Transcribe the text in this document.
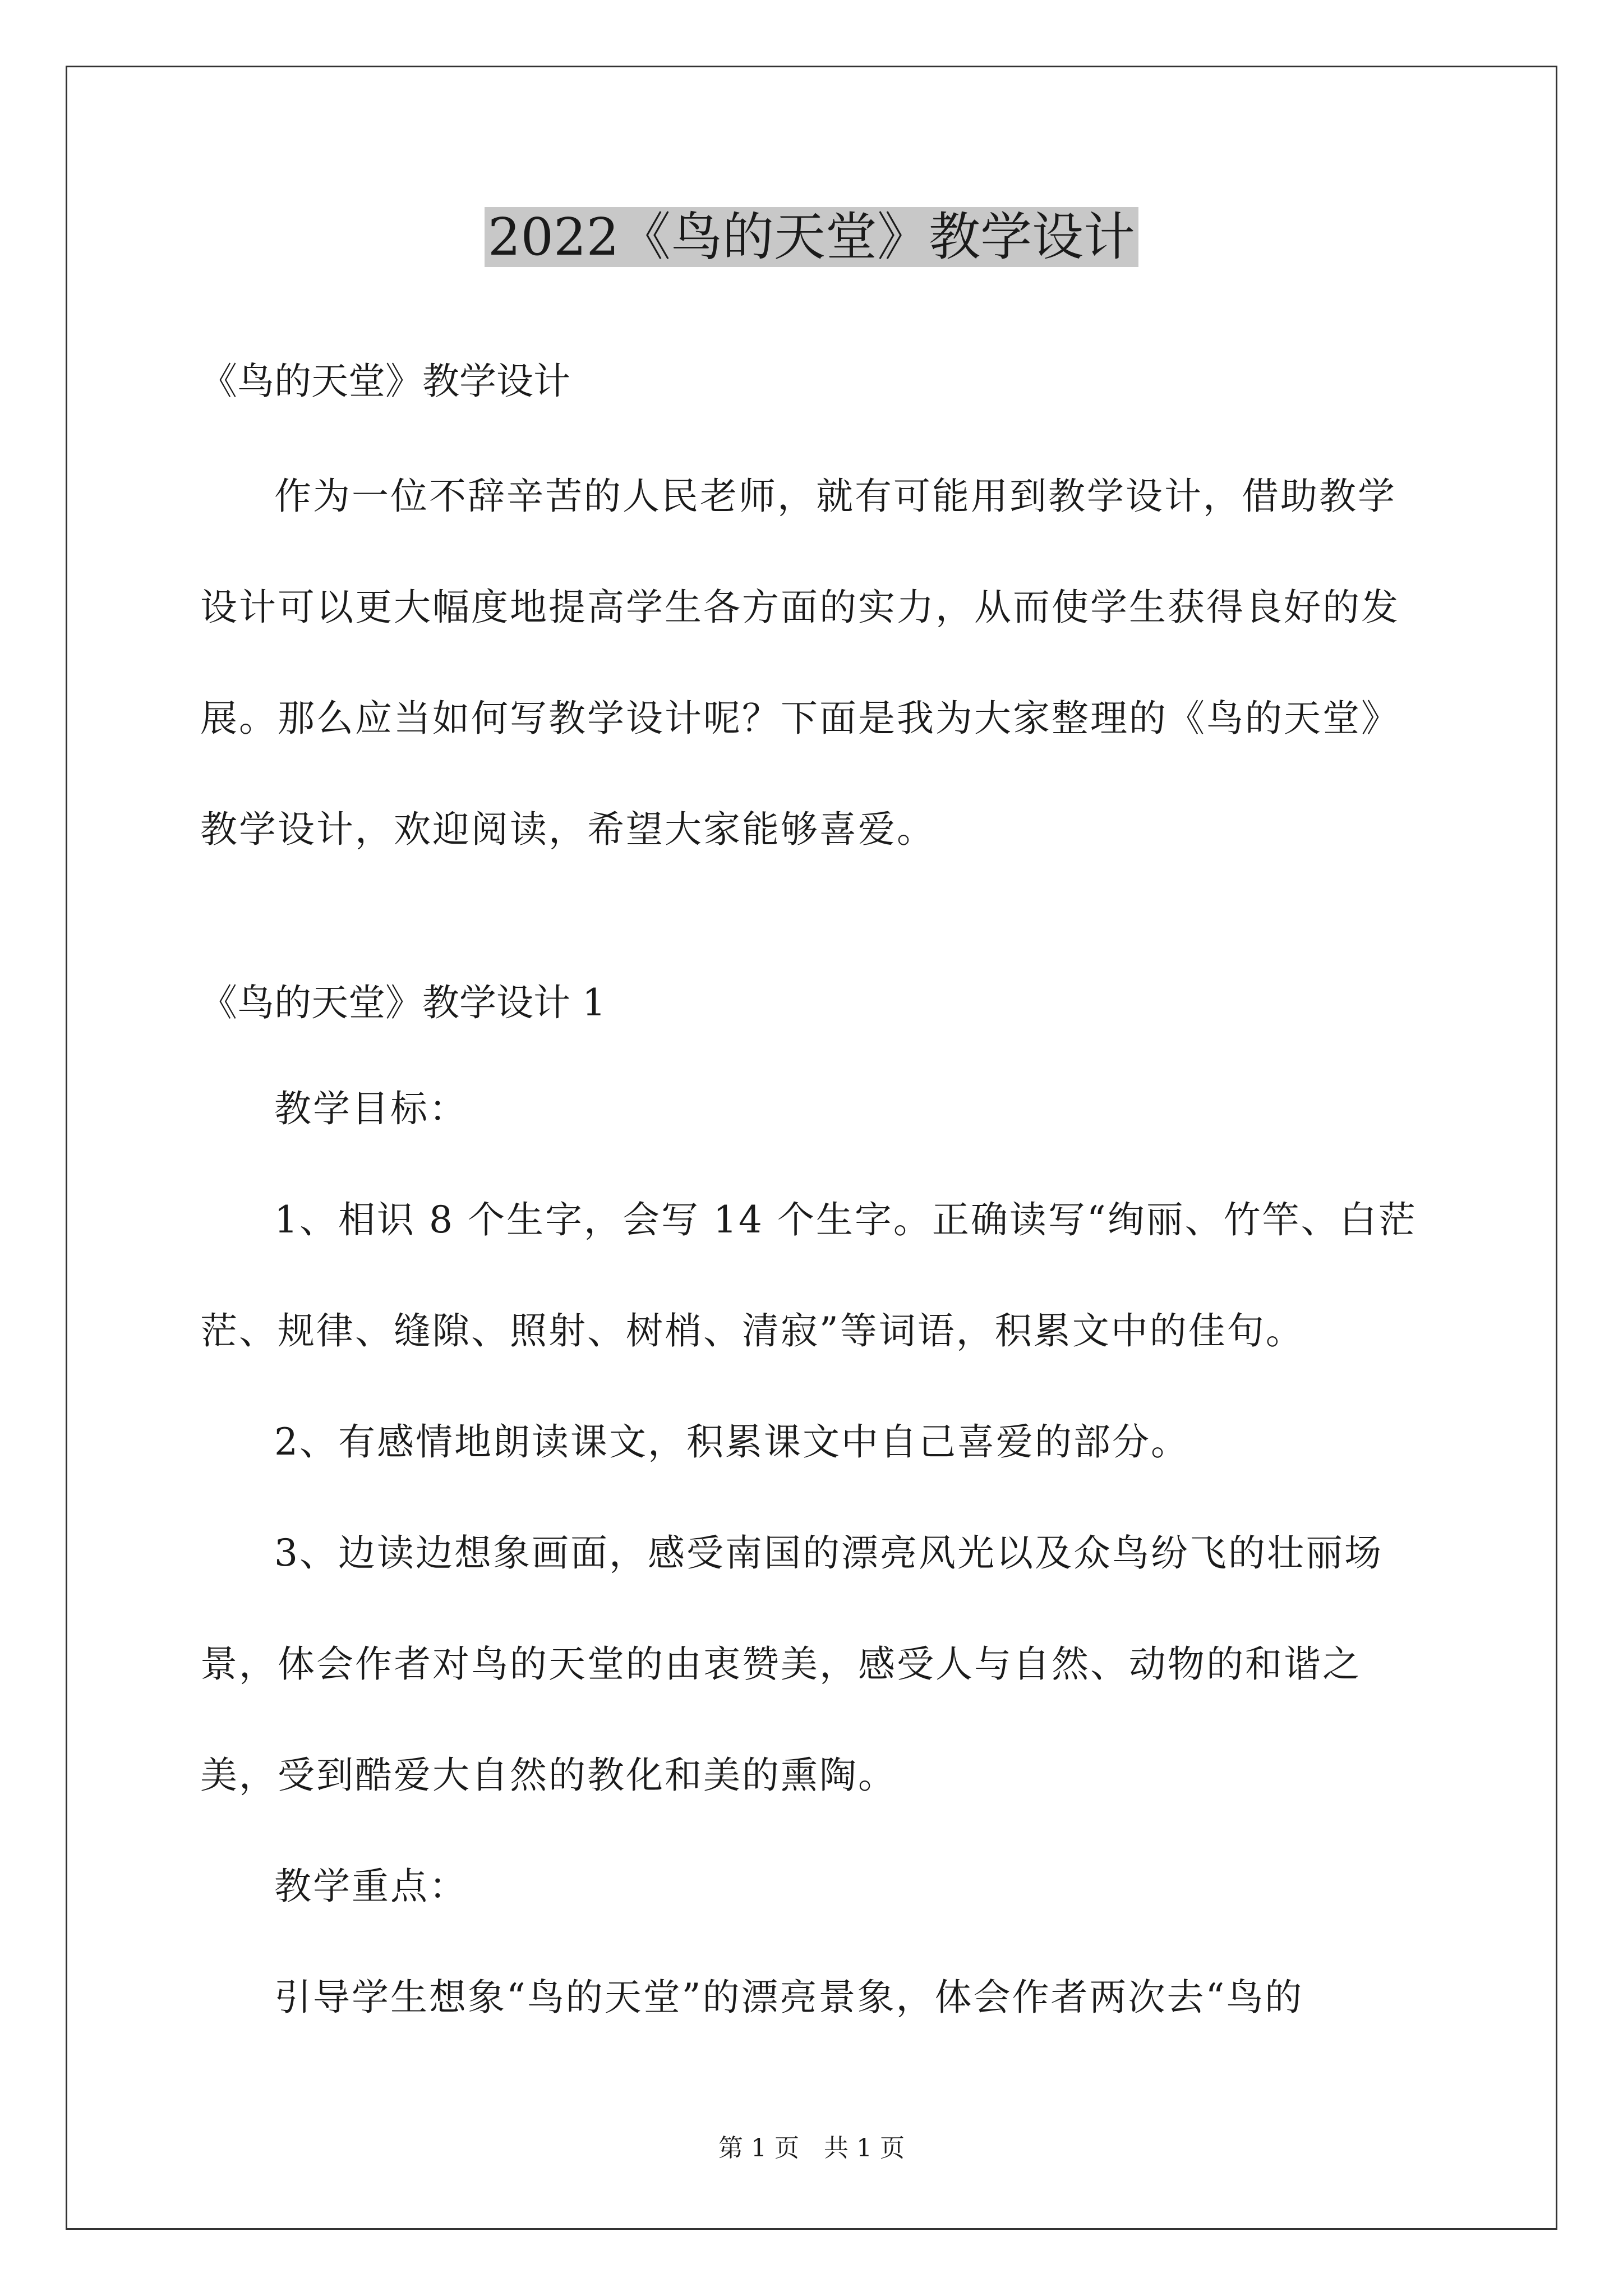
2022《鸟的天堂》教学设计
《鸟的天堂》教学设计

作为一位不辞辛苦的人民老师，就有可能用到教学设计，借助教学设计可以更大幅度地提高学生各方面的实力，从而使学生获得良好的发展。那么应当如何写教学设计呢？下面是我为大家整理的《鸟的天堂》教学设计，欢迎阅读，希望大家能够喜爱。

《鸟的天堂》教学设计 1

教学目标：

1、相识 8 个生字，会写 14 个生字。正确读写“绚丽、竹竿、白茫茫、规律、缝隙、照射、树梢、清寂”等词语，积累文中的佳句。

2、有感情地朗读课文，积累课文中自己喜爱的部分。

3、边读边想象画面，感受南国的漂亮风光以及众鸟纷飞的壮丽场景，体会作者对鸟的天堂的由衷赞美，感受人与自然、动物的和谐之美，受到酷爱大自然的教化和美的熏陶。

教学重点：

引导学生想象“鸟的天堂”的漂亮景象，体会作者两次去“鸟的

第 1 页　共 1 页
